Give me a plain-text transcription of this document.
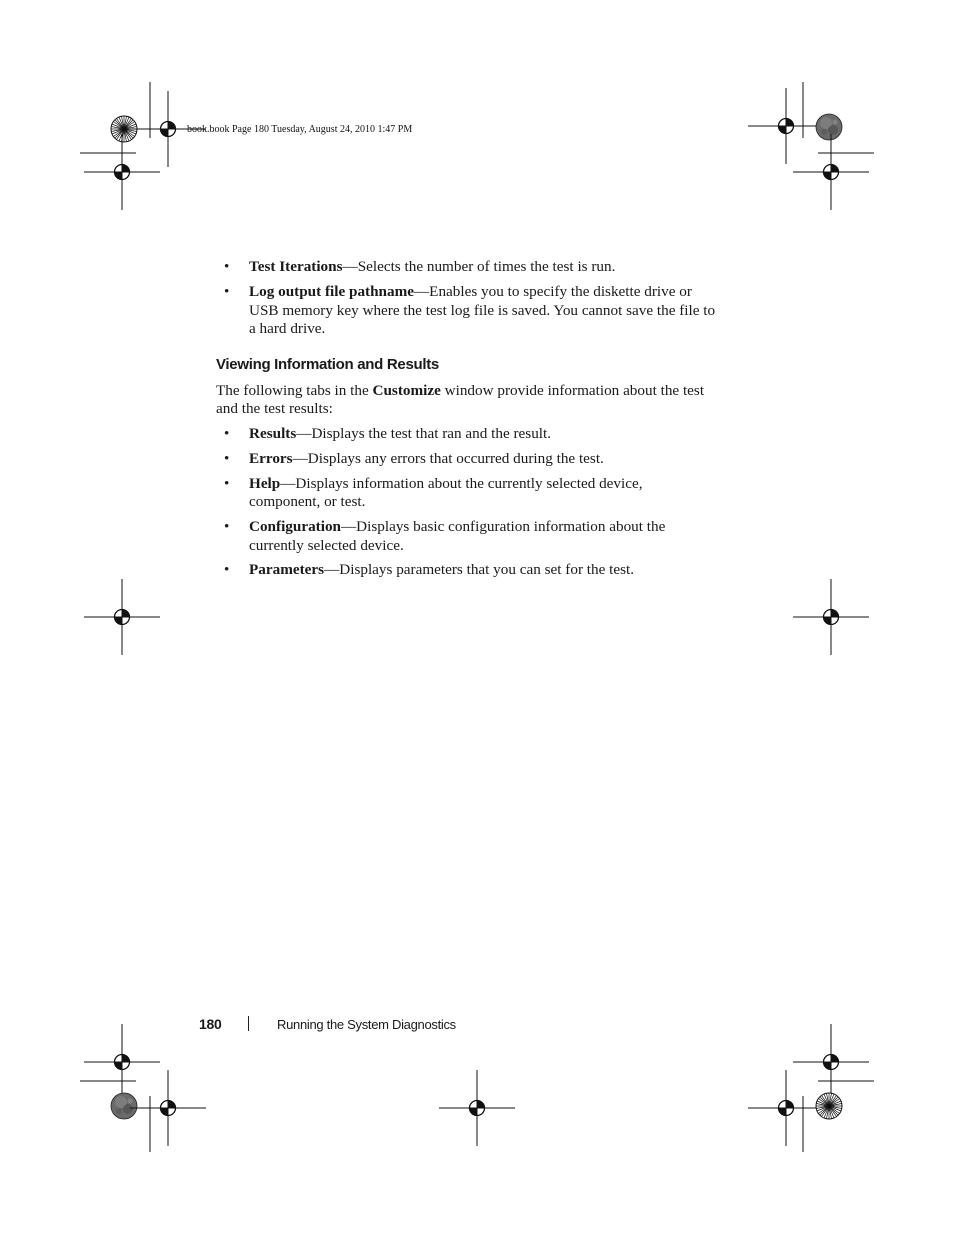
book.book Page 180 Tuesday, August 24, 2010 1:47 PM
• Test Iterations—Selects the number of times the test is run.
• Log output file pathname—Enables you to specify the diskette drive or USB memory key where the test log file is saved. You cannot save the file to a hard drive.
Viewing Information and Results

The following tabs in the Customize window provide information about the test and the test results:

• Results—Displays the test that ran and the result.
• Errors—Displays any errors that occurred during the test.
• Help—Displays information about the currently selected device, component, or test.
• Configuration—Displays basic configuration information about the currently selected device.
• Parameters—Displays parameters that you can set for the test.
180	Running the System Diagnostics
